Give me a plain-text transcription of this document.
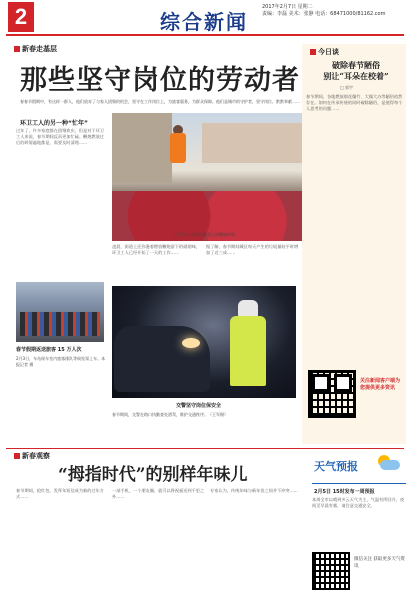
2	综合新闻
2017年2月7日 星期二
责编：李磊 美术：张静 电话：68471000/81162.com
新春走基层
那些坚守岗位的劳动者

春春节假期中，有这样一群人，他们放弃了与家人团聚的机会，坚守在工作岗位上，为旅客服务，为群众保障。他们是城市的守护者，坚守岗位、默默奉献……

环卫工人的另一种“忙年”
过年了，许多家庭都在团聚欢庆，但是对于环卫工人来说，春节期间反而更加忙碌。鞭炮燃放过后的碎屑遍地都是，需要及时清理……
凌晨，街道上还弥漫着燃放鞭炮留下的硝烟味，环卫工人已经开始了一天的工作……
据了解，春节期间城区每天产生的垃圾量较平时增加了近三成……
春节假期返送旅客 15 万人次
2月3日，车站候车室内旅客排队等候检票上车。本报记者 摄
交警坚守岗位保安全
春节期间，交警在路口执勤查处酒驾，维护交通秩序。（王军摄）
环卫工人在清扫路面上的鞭炮碎屑
今日谈
破除春节陋俗
别让“耳朵在校着”
□ 郭宇
春节期间，各地燃放烟花爆竹、大操大办等陋俗依然存在。如何在传承传统的同时破除陋俗，是值得每个人思考的问题……
关注新闻客户端为您提供更多资讯
新春观察
“拇指时代”的别样年味儿
春节期间，抢红包、发拜年短信成为新的过年方式……
一部手机，一个朋友圈，就可以将祝福送到千里之外……
专家认为，传统年味与新年俗之间并不冲突……
天气预报
2月5日 15时发布一周预报
本周全市以晴到多云天气为主，气温有所回升，夜间至早晨有雾，请注意交通安全。
微信关注 获取更多天气资讯
